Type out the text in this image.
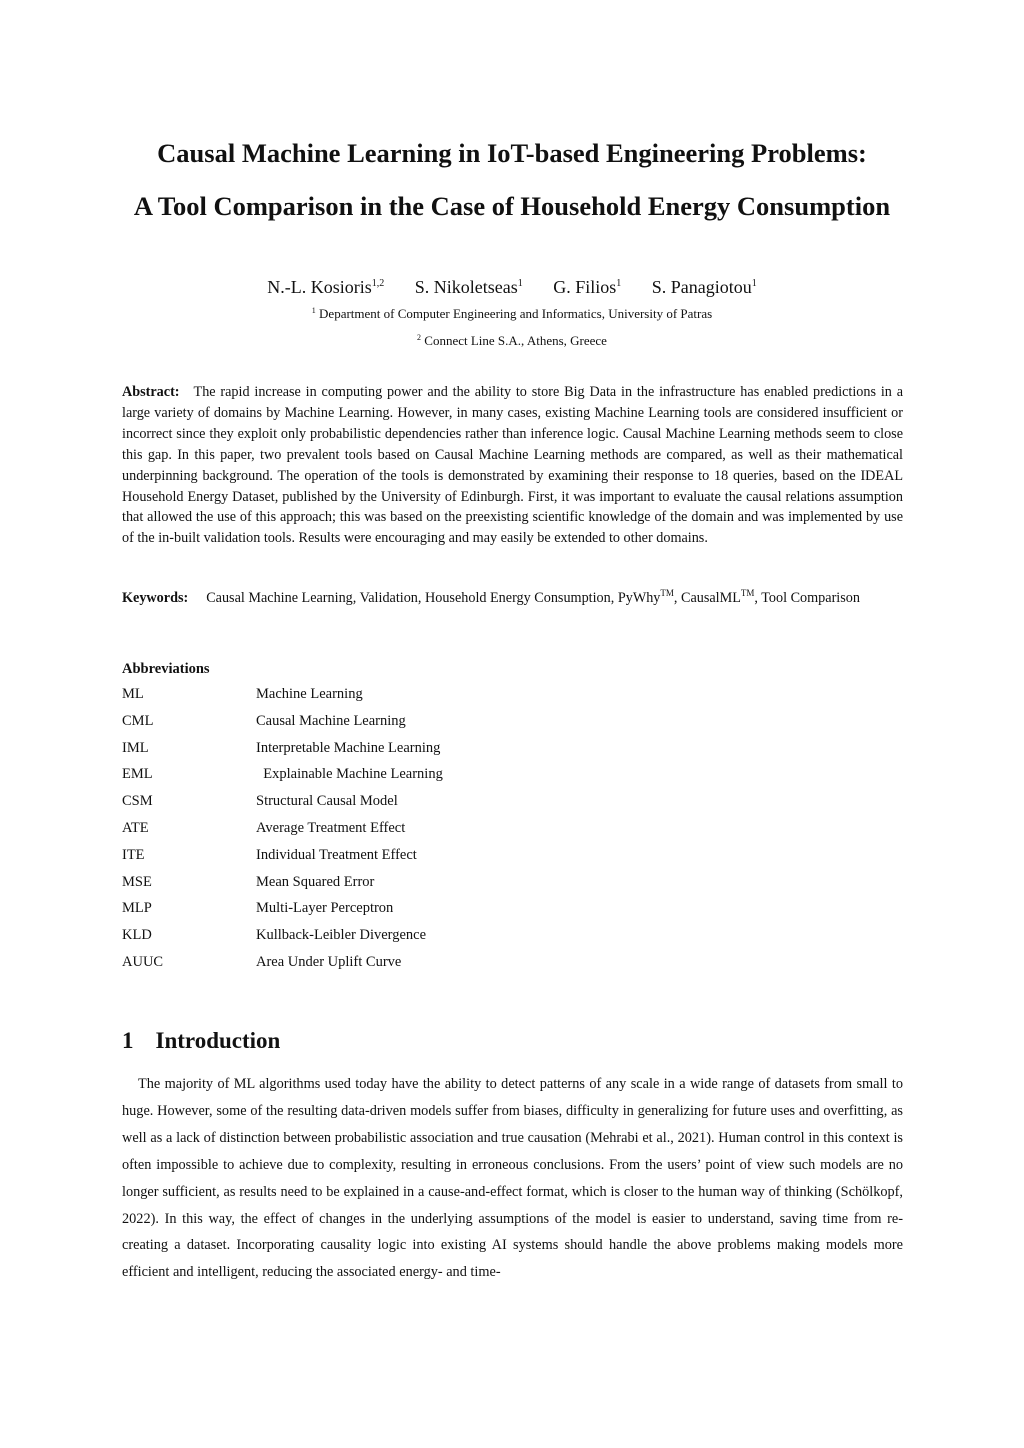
Causal Machine Learning in IoT-based Engineering Problems:
A Tool Comparison in the Case of Household Energy Consumption
N.-L. Kosioris$^{1,2}$ S. Nikoletseas$^1$ G. Filios$^1$ S. Panagiotou$^1$
$^1$ Department of Computer Engineering and Informatics, University of Patras
$^2$ Connect Line S.A., Athens, Greece
Abstract: The rapid increase in computing power and the ability to store Big Data in the infrastructure has enabled predictions in a large variety of domains by Machine Learning. However, in many cases, existing Machine Learning tools are considered insufficient or incorrect since they exploit only probabilistic dependencies rather than inference logic. Causal Machine Learning methods seem to close this gap. In this paper, two prevalent tools based on Causal Machine Learning methods are compared, as well as their mathematical underpinning background. The operation of the tools is demonstrated by examining their response to 18 queries, based on the IDEAL Household Energy Dataset, published by the University of Edinburgh. First, it was important to evaluate the causal relations assumption that allowed the use of this approach; this was based on the preexisting scientific knowledge of the domain and was implemented by use of the in-built validation tools. Results were encouraging and may easily be extended to other domains.
Keywords: Causal Machine Learning, Validation, Household Energy Consumption, PyWhy™, CausalML™, Tool Comparison
Abbreviations
ML	Machine Learning
CML	Causal Machine Learning
IML	Interpretable Machine Learning
EML	Explainable Machine Learning
CSM	Structural Causal Model
ATE	Average Treatment Effect
ITE	Individual Treatment Effect
MSE	Mean Squared Error
MLP	Multi-Layer Perceptron
KLD	Kullback-Leibler Divergence
AUUC	Area Under Uplift Curve
1 Introduction
The majority of ML algorithms used today have the ability to detect patterns of any scale in a wide range of datasets from small to huge. However, some of the resulting data-driven models suffer from biases, difficulty in generalizing for future uses and overfitting, as well as a lack of distinction between probabilistic association and true causation (Mehrabi et al., 2021). Human control in this context is often impossible to achieve due to complexity, resulting in erroneous conclusions. From the users’ point of view such models are no longer sufficient, as results need to be explained in a cause-and-effect format, which is closer to the human way of thinking (Schölkopf, 2022). In this way, the effect of changes in the underlying assumptions of the model is easier to understand, saving time from re-creating a dataset. Incorporating causality logic into existing AI systems should handle the above problems making models more efficient and intelligent, reducing the associated energy- and time-
